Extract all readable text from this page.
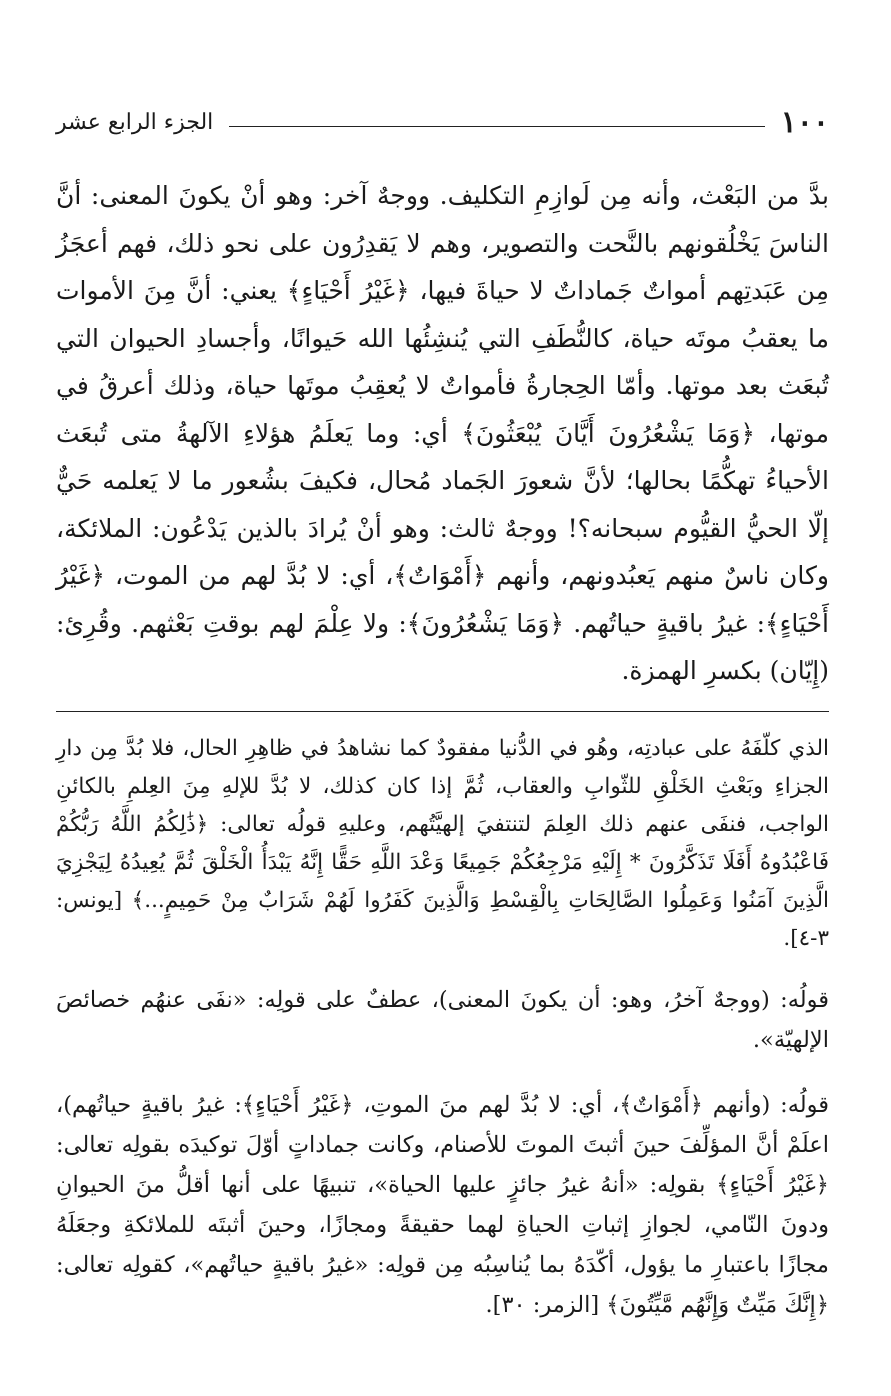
الجزء الرابع عشر	١٠٠

بدَّ من البَعْث، وأنه مِن لَوازِمِ التكليف. ووجهٌ آخر: وهو أنْ يكونَ المعنى: أنَّ الناسَ يَخْلُقونهم بالنَّحت والتصوير، وهم لا يَقدِرُون على نحو ذلك، فهم أعجَزُ مِن عَبَدتِهم أمواتٌ جَماداتٌ لا حياةَ فيها، ﴿غَيْرُ أَحْيَاءٍ﴾ يعني: أنَّ مِنَ الأموات ما يعقبُ موتَه حياة، كالنُّطَفِ التي يُنشِئُها الله حَيوانًا، وأجسادِ الحيوان التي تُبعَث بعد موتها. وأمّا الحِجارةُ فأمواتٌ لا يُعقِبُ موتَها حياة، وذلك أعرقُ في موتها، ﴿وَمَا يَشْعُرُونَ أَيَّانَ يُبْعَثُونَ﴾ أي: وما يَعلَمُ هؤلاءِ الآلهةُ متى تُبعَث الأحياءُ تهكُّمًا بحالها؛ لأنَّ شعورَ الجَماد مُحال، فكيفَ بشُعور ما لا يَعلمه حَيٌّ إلّا الحيُّ القيُّوم سبحانه؟! ووجهٌ ثالث: وهو أنْ يُرادَ بالذين يَدْعُون: الملائكة، وكان ناسٌ منهم يَعبُدونهم، وأنهم ﴿أَمْوَاتٌ﴾، أي: لا بُدَّ لهم من الموت، ﴿غَيْرُ أَحْيَاءٍ﴾: غيرُ باقيةٍ حياتُهم. ﴿وَمَا يَشْعُرُونَ﴾: ولا عِلْمَ لهم بوقتِ بَعْثهم. وقُرِئ: (إِيّان) بكسرِ الهمزة.

الذي كلّفَهُ على عبادتِه، وهُو في الدُّنيا مفقودٌ كما نشاهدُ في ظاهِرِ الحال، فلا بُدَّ مِن دارِ الجزاءِ وبَعْثِ الخَلْقِ للثّوابِ والعقاب، ثُمَّ إذا كان كذلك، لا بُدَّ للإلهِ مِنَ العِلمِ بالكائنِ الواجب، فنفَى عنهم ذلك العِلمَ لتنتفيَ إلهيَّتُهم، وعليهِ قولُه تعالى: ﴿ذَٰلِكُمُ اللَّهُ رَبُّكُمْ فَاعْبُدُوهُ أَفَلَا تَذَكَّرُونَ * إِلَيْهِ مَرْجِعُكُمْ جَمِيعًا وَعْدَ اللَّهِ حَقًّا إِنَّهُ يَبْدَأُ الْخَلْقَ ثُمَّ يُعِيدُهُ لِيَجْزِيَ الَّذِينَ آمَنُوا وَعَمِلُوا الصَّالِحَاتِ بِالْقِسْطِ وَالَّذِينَ كَفَرُوا لَهُمْ شَرَابٌ مِنْ حَمِيمٍ...﴾ [يونس: ٣-٤].

قولُه: (ووجهٌ آخرُ، وهو: أن يكونَ المعنى)، عطفٌ على قولِه: «نفَى عنهُم خصائصَ الإلهيّة».

قولُه: (وأنهم ﴿أَمْوَاتٌ﴾، أي: لا بُدَّ لهم منَ الموتِ، ﴿غَيْرُ أَحْيَاءٍ﴾: غيرُ باقيةٍ حياتُهم)، اعلَمْ أنَّ المؤلِّفَ حينَ أثبتَ الموتَ للأصنام، وكانت جماداتٍ أوّلَ توكيدَه بقولِه تعالى: ﴿غَيْرُ أَحْيَاءٍ﴾ بقولِه: «أنهُ غيرُ جائزٍ عليها الحياة»، تنبيهًا على أنها أقلُّ منَ الحيوانِ ودونَ النّامي، لجوازِ إثباتِ الحياةِ لهما حقيقةً ومجازًا، وحينَ أثبتَه للملائكةِ وجعَلَهُ مجازًا باعتبارِ ما يؤول، أكّدَهُ بما يُناسِبُه مِن قولِه: «غيرُ باقيةٍ حياتُهم»، كقولِه تعالى: ﴿إِنَّكَ مَيِّتٌ وَإِنَّهُم مَّيِّتُونَ﴾ [الزمر: ٣٠].
